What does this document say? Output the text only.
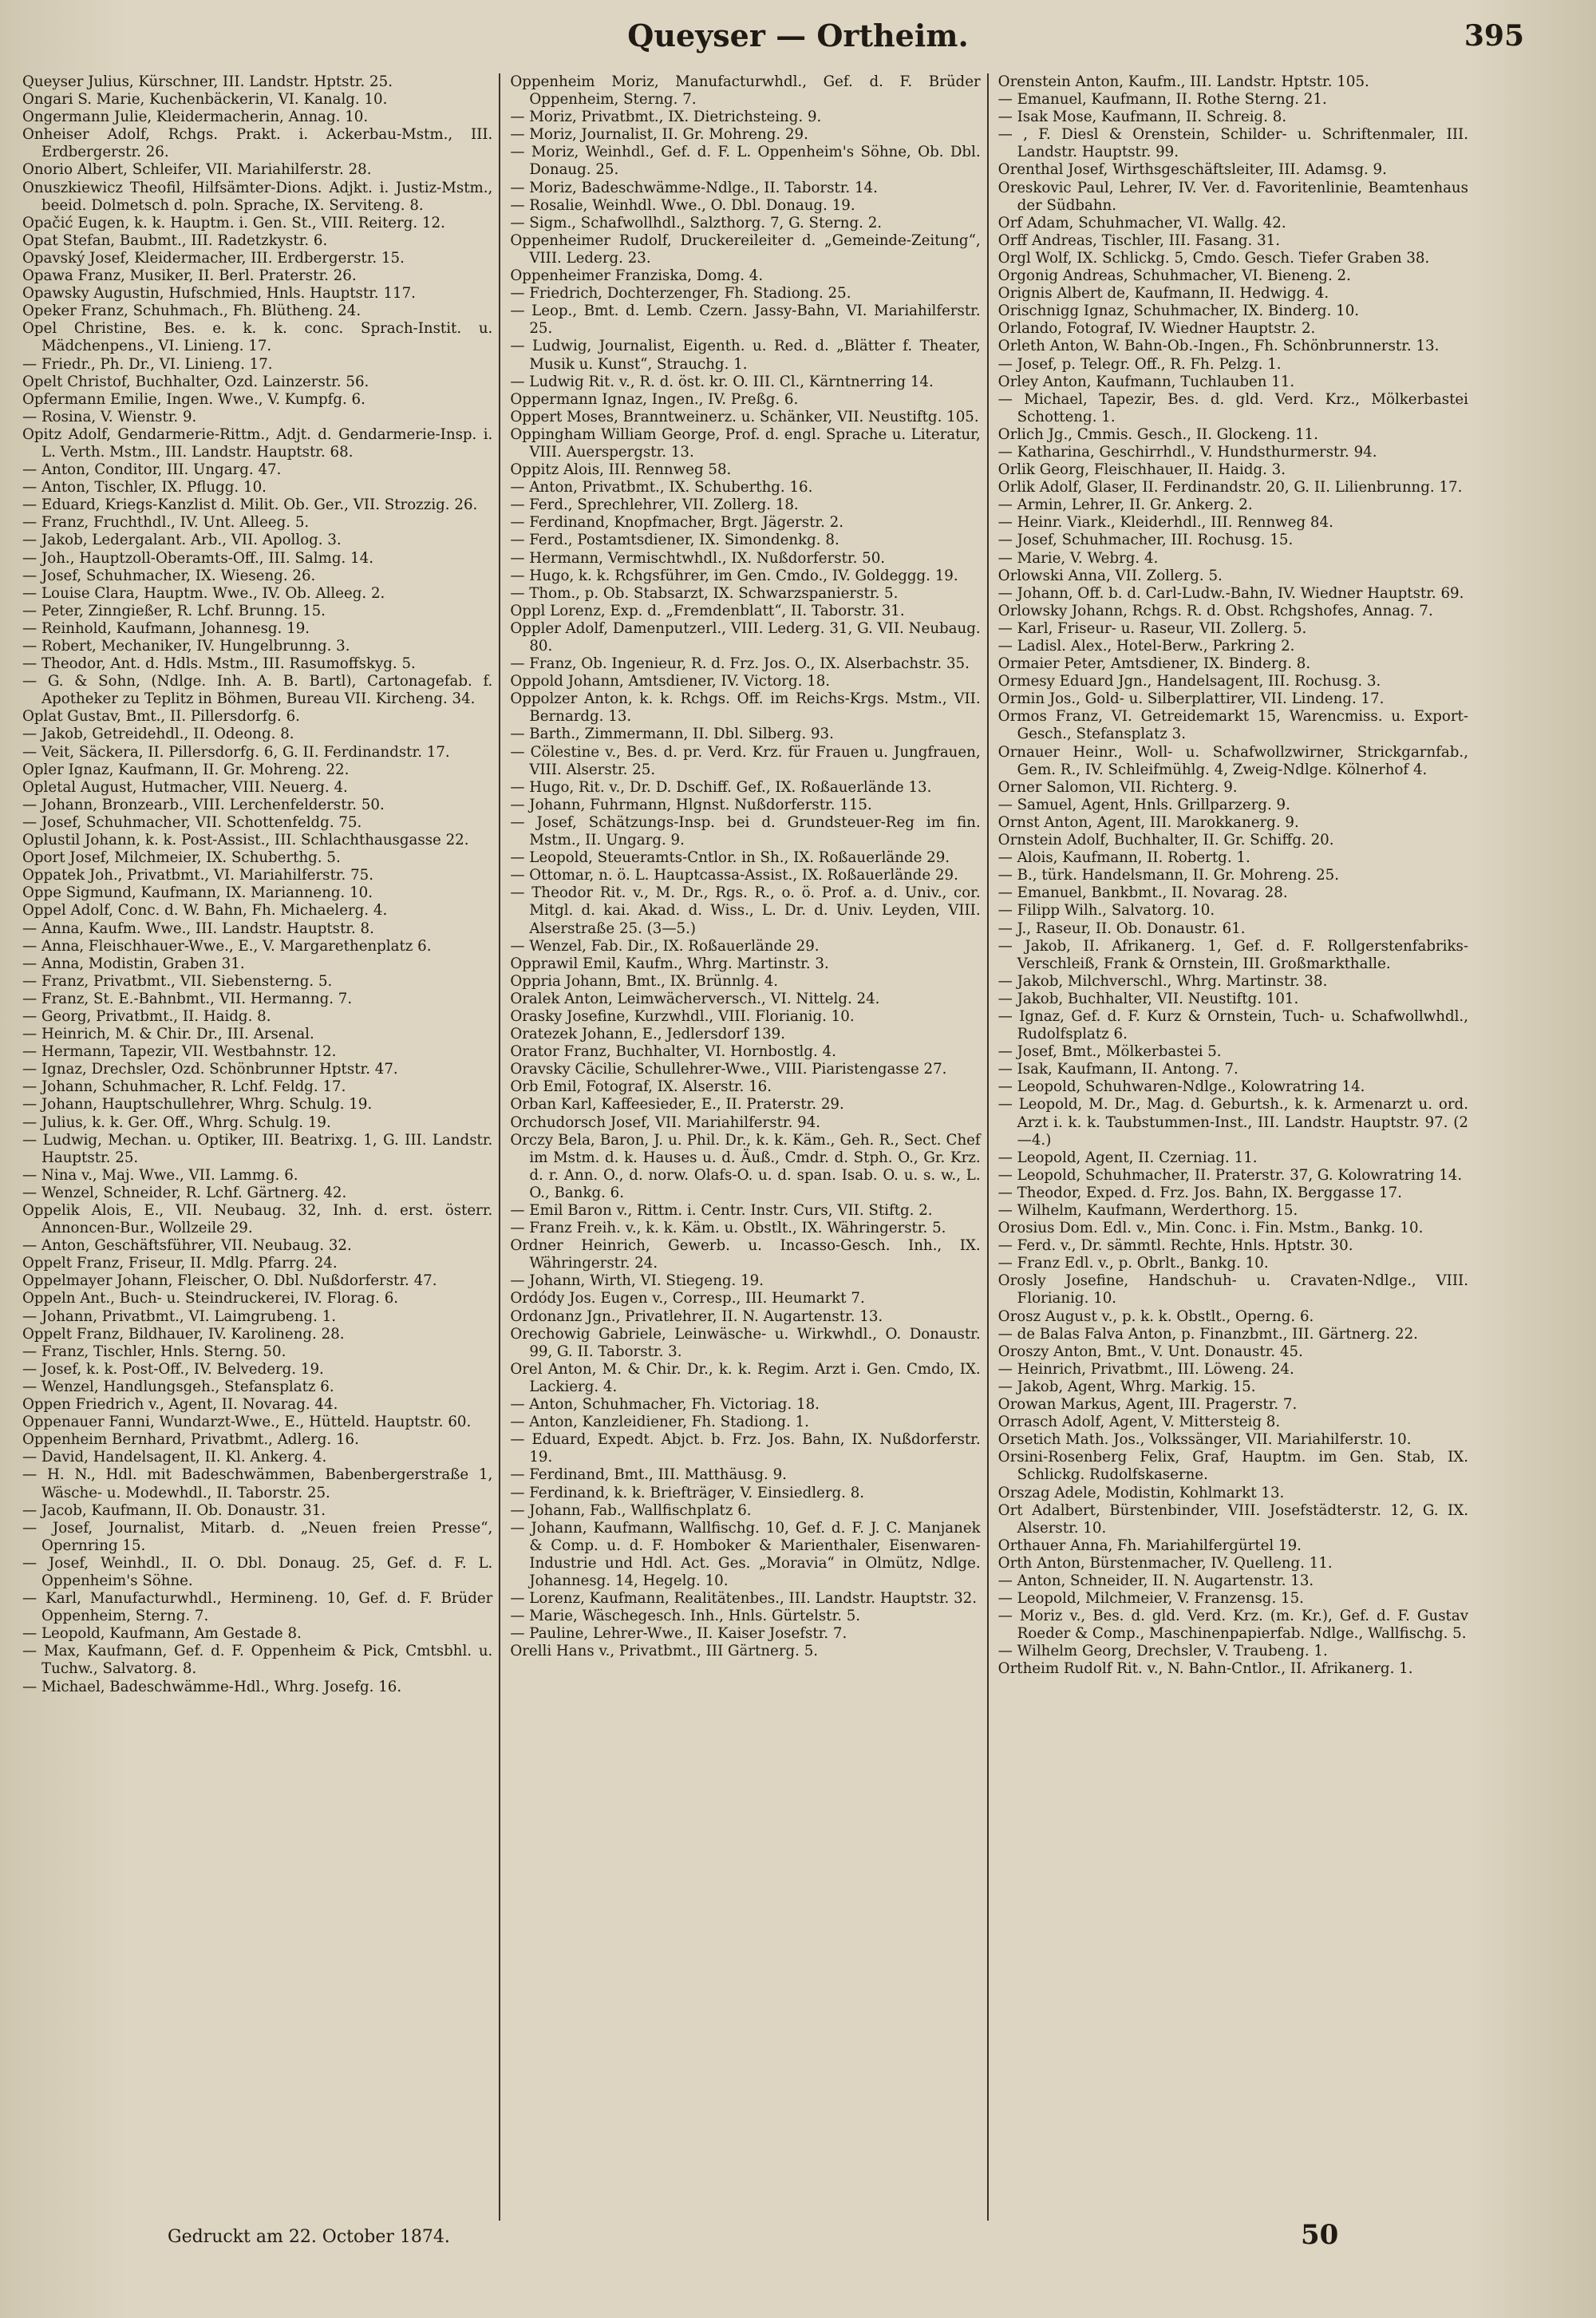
Queyser — Ortheim.	395

Queyser Julius, Kürschner, III. Landstr. Hptstr. 25.

Ongari S. Marie, Kuchenbäckerin, VI. Kanalg. 10.

Ongermann Julie, Kleidermacherin, Annag. 10.

Onheiser Adolf, Rchgs. Prakt. i. Ackerbau-Mstm., III. Erdbergerstr. 26.

Onorio Albert, Schleifer, VII. Mariahilferstr. 28.

Onuszkiewicz Theofil, Hilfsämter-Dions. Adjkt. i. Justiz-Mstm., beeid. Dolmetsch d. poln. Sprache, IX. Serviteng. 8.

Opačić Eugen, k. k. Hauptm. i. Gen. St., VIII. Reiterg. 12.

Opat Stefan, Baubmt., III. Radetzkystr. 6.

Opavský Josef, Kleidermacher, III. Erdbergerstr. 15.

Opawa Franz, Musiker, II. Berl. Praterstr. 26.

Opawsky Augustin, Hufschmied, Hnls. Hauptstr. 117.

Opeker Franz, Schuhmach., Fh. Blütheng. 24.

Opel Christine, Bes. e. k. k. conc. Sprach-Instit. u. Mädchenpens., VI. Linieng. 17.

— Friedr., Ph. Dr., VI. Linieng. 17.

Opelt Christof, Buchhalter, Ozd. Lainzerstr. 56.

Opfermann Emilie, Ingen. Wwe., V. Kumpfg. 6.

— Rosina, V. Wienstr. 9.

Opitz Adolf, Gendarmerie-Rittm., Adjt. d. Gendarmerie-Insp. i. L. Verth. Mstm., III. Landstr. Hauptstr. 68.

— Anton, Conditor, III. Ungarg. 47.

— Anton, Tischler, IX. Pflugg. 10.

— Eduard, Kriegs-Kanzlist d. Milit. Ob. Ger., VII. Strozzig. 26.

— Franz, Fruchthdl., IV. Unt. Alleeg. 5.

— Jakob, Ledergalant. Arb., VII. Apollog. 3.

— Joh., Hauptzoll-Oberamts-Off., III. Salmg. 14.

— Josef, Schuhmacher, IX. Wieseng. 26.

— Louise Clara, Hauptm. Wwe., IV. Ob. Alleeg. 2.

— Peter, Zinngießer, R. Lchf. Brunng. 15.

— Reinhold, Kaufmann, Johannesg. 19.

— Robert, Mechaniker, IV. Hungelbrunng. 3.

— Theodor, Ant. d. Hdls. Mstm., III. Rasumoffskyg. 5.

— G. & Sohn, (Ndlge. Inh. A. B. Bartl), Cartonagefab. f. Apotheker zu Teplitz in Böhmen, Bureau VII. Kircheng. 34.

Oplat Gustav, Bmt., II. Pillersdorfg. 6.

— Jakob, Getreidehdl., II. Odeong. 8.

— Veit, Säckera, II. Pillersdorfg. 6, G. II. Ferdinandstr. 17.

Opler Ignaz, Kaufmann, II. Gr. Mohreng. 22.

Opletal August, Hutmacher, VIII. Neuerg. 4.

— Johann, Bronzearb., VIII. Lerchenfelderstr. 50.

— Josef, Schuhmacher, VII. Schottenfeldg. 75.

Oplustil Johann, k. k. Post-Assist., III. Schlachthausgasse 22.

Oport Josef, Milchmeier, IX. Schuberthg. 5.

Oppatek Joh., Privatbmt., VI. Mariahilferstr. 75.

Oppe Sigmund, Kaufmann, IX. Marianneng. 10.

Oppel Adolf, Conc. d. W. Bahn, Fh. Michaelerg. 4.

— Anna, Kaufm. Wwe., III. Landstr. Hauptstr. 8.

— Anna, Fleischhauer-Wwe., E., V. Margarethenplatz 6.

— Anna, Modistin, Graben 31.

— Franz, Privatbmt., VII. Siebensterng. 5.

— Franz, St. E.-Bahnbmt., VII. Hermanng. 7.

— Georg, Privatbmt., II. Haidg. 8.

— Heinrich, M. & Chir. Dr., III. Arsenal.

— Hermann, Tapezir, VII. Westbahnstr. 12.

— Ignaz, Drechsler, Ozd. Schönbrunner Hptstr. 47.

— Johann, Schuhmacher, R. Lchf. Feldg. 17.

— Johann, Hauptschullehrer, Whrg. Schulg. 19.

— Julius, k. k. Ger. Off., Whrg. Schulg. 19.

— Ludwig, Mechan. u. Optiker, III. Beatrixg. 1, G. III. Landstr. Hauptstr. 25.

— Nina v., Maj. Wwe., VII. Lammg. 6.

— Wenzel, Schneider, R. Lchf. Gärtnerg. 42.

Oppelik Alois, E., VII. Neubaug. 32, Inh. d. erst. österr. Annoncen-Bur., Wollzeile 29.

— Anton, Geschäftsführer, VII. Neubaug. 32.

Oppelt Franz, Friseur, II. Mdlg. Pfarrg. 24.

Oppelmayer Johann, Fleischer, O. Dbl. Nußdorferstr. 47.

Oppeln Ant., Buch- u. Steindruckerei, IV. Florag. 6.

— Johann, Privatbmt., VI. Laimgrubeng. 1.

Oppelt Franz, Bildhauer, IV. Karolineng. 28.

— Franz, Tischler, Hnls. Sterng. 50.

— Josef, k. k. Post-Off., IV. Belvederg. 19.

— Wenzel, Handlungsgeh., Stefansplatz 6.

Oppen Friedrich v., Agent, II. Novarag. 44.

Oppenauer Fanni, Wundarzt-Wwe., E., Hütteld. Hauptstr. 60.

Oppenheim Bernhard, Privatbmt., Adlerg. 16.

— David, Handelsagent, II. Kl. Ankerg. 4.

— H. N., Hdl. mit Badeschwämmen, Babenbergerstraße 1, Wäsche- u. Modewhdl., II. Taborstr. 25.

— Jacob, Kaufmann, II. Ob. Donaustr. 31.

— Josef, Journalist, Mitarb. d. „Neuen freien Presse“, Opernring 15.

— Josef, Weinhdl., II. O. Dbl. Donaug. 25, Gef. d. F. L. Oppenheim's Söhne.

— Karl, Manufacturwhdl., Hermineng. 10, Gef. d. F. Brüder Oppenheim, Sterng. 7.

— Leopold, Kaufmann, Am Gestade 8.

— Max, Kaufmann, Gef. d. F. Oppenheim & Pick, Cmtsbhl. u. Tuchw., Salvatorg. 8.

— Michael, Badeschwämme-Hdl., Whrg. Josefg. 16.

Oppenheim Moriz, Manufacturwhdl., Gef. d. F. Brüder Oppenheim, Sterng. 7.

— Moriz, Privatbmt., IX. Dietrichsteing. 9.

— Moriz, Journalist, II. Gr. Mohreng. 29.

— Moriz, Weinhdl., Gef. d. F. L. Oppenheim's Söhne, Ob. Dbl. Donaug. 25.

— Moriz, Badeschwämme-Ndlge., II. Taborstr. 14.

— Rosalie, Weinhdl. Wwe., O. Dbl. Donaug. 19.

— Sigm., Schafwollhdl., Salzthorg. 7, G. Sterng. 2.

Oppenheimer Rudolf, Druckereileiter d. „Gemeinde-Zeitung“, VIII. Lederg. 23.

Oppenheimer Franziska, Domg. 4.

— Friedrich, Dochterzenger, Fh. Stadiong. 25.

— Leop., Bmt. d. Lemb. Czern. Jassy-Bahn, VI. Mariahilferstr. 25.

— Ludwig, Journalist, Eigenth. u. Red. d. „Blätter f. Theater, Musik u. Kunst“, Strauchg. 1.

— Ludwig Rit. v., R. d. öst. kr. O. III. Cl., Kärntnerring 14.

Oppermann Ignaz, Ingen., IV. Preßg. 6.

Oppert Moses, Branntweinerz. u. Schänker, VII. Neustiftg. 105.

Oppingham William George, Prof. d. engl. Sprache u. Literatur, VIII. Auerspergstr. 13.

Oppitz Alois, III. Rennweg 58.

— Anton, Privatbmt., IX. Schuberthg. 16.

— Ferd., Sprechlehrer, VII. Zollerg. 18.

— Ferdinand, Knopfmacher, Brgt. Jägerstr. 2.

— Ferd., Postamtsdiener, IX. Simondenkg. 8.

— Hermann, Vermischtwhdl., IX. Nußdorferstr. 50.

— Hugo, k. k. Rchgsführer, im Gen. Cmdo., IV. Goldeggg. 19.

— Thom., p. Ob. Stabsarzt, IX. Schwarzspanierstr. 5.

Oppl Lorenz, Exp. d. „Fremdenblatt“, II. Taborstr. 31.

Oppler Adolf, Damenputzerl., VIII. Lederg. 31, G. VII. Neubaug. 80.

— Franz, Ob. Ingenieur, R. d. Frz. Jos. O., IX. Alserbachstr. 35.

Oppold Johann, Amtsdiener, IV. Victorg. 18.

Oppolzer Anton, k. k. Rchgs. Off. im Reichs-Krgs. Mstm., VII. Bernardg. 13.

— Barth., Zimmermann, II. Dbl. Silberg. 93.

— Cölestine v., Bes. d. pr. Verd. Krz. für Frauen u. Jungfrauen, VIII. Alserstr. 25.

— Hugo, Rit. v., Dr. D. Dschiff. Gef., IX. Roßauerlände 13.

— Johann, Fuhrmann, Hlgnst. Nußdorferstr. 115.

— Josef, Schätzungs-Insp. bei d. Grundsteuer-Reg im fin. Mstm., II. Ungarg. 9.

— Leopold, Steueramts-Cntlor. in Sh., IX. Roßauerlände 29.

— Ottomar, n. ö. L. Hauptcassa-Assist., IX. Roßauerlände 29.

— Theodor Rit. v., M. Dr., Rgs. R., o. ö. Prof. a. d. Univ., cor. Mitgl. d. kai. Akad. d. Wiss., L. Dr. d. Univ. Leyden, VIII. Alserstraße 25. (3—5.)

— Wenzel, Fab. Dir., IX. Roßauerlände 29.

Opprawil Emil, Kaufm., Whrg. Martinstr. 3.

Oppria Johann, Bmt., IX. Brünnlg. 4.

Oralek Anton, Leimwächerversch., VI. Nittelg. 24.

Orasky Josefine, Kurzwhdl., VIII. Florianig. 10.

Oratezek Johann, E., Jedlersdorf 139.

Orator Franz, Buchhalter, VI. Hornbostlg. 4.

Oravsky Cäcilie, Schullehrer-Wwe., VIII. Piaristengasse 27.

Orb Emil, Fotograf, IX. Alserstr. 16.

Orban Karl, Kaffeesieder, E., II. Praterstr. 29.

Orchudorsch Josef, VII. Mariahilferstr. 94.

Orczy Bela, Baron, J. u. Phil. Dr., k. k. Käm., Geh. R., Sect. Chef im Mstm. d. k. Hauses u. d. Äuß., Cmdr. d. Stph. O., Gr. Krz. d. r. Ann. O., d. norw. Olafs-O. u. d. span. Isab. O. u. s. w., L. O., Bankg. 6.

— Emil Baron v., Rittm. i. Centr. Instr. Curs, VII. Stiftg. 2.

— Franz Freih. v., k. k. Käm. u. Obstlt., IX. Währingerstr. 5.

Ordner Heinrich, Gewerb. u. Incasso-Gesch. Inh., IX. Währingerstr. 24.

— Johann, Wirth, VI. Stiegeng. 19.

Ordódy Jos. Eugen v., Corresp., III. Heumarkt 7.

Ordonanz Jgn., Privatlehrer, II. N. Augartenstr. 13.

Orechowig Gabriele, Leinwäsche- u. Wirkwhdl., O. Donaustr. 99, G. II. Taborstr. 3.

Orel Anton, M. & Chir. Dr., k. k. Regim. Arzt i. Gen. Cmdo, IX. Lackierg. 4.

— Anton, Schuhmacher, Fh. Victoriag. 18.

— Anton, Kanzleidiener, Fh. Stadiong. 1.

— Eduard, Expedt. Abjct. b. Frz. Jos. Bahn, IX. Nußdorferstr. 19.

— Ferdinand, Bmt., III. Matthäusg. 9.

— Ferdinand, k. k. Briefträger, V. Einsiedlerg. 8.

— Johann, Fab., Wallfischplatz 6.

— Johann, Kaufmann, Wallfischg. 10, Gef. d. F. J. C. Manjanek & Comp. u. d. F. Homboker & Marienthaler, Eisenwaren-Industrie und Hdl. Act. Ges. „Moravia“ in Olmütz, Ndlge. Johannesg. 14, Hegelg. 10.

— Lorenz, Kaufmann, Realitätenbes., III. Landstr. Hauptstr. 32.

— Marie, Wäschegesch. Inh., Hnls. Gürtelstr. 5.

— Pauline, Lehrer-Wwe., II. Kaiser Josefstr. 7.

Orelli Hans v., Privatbmt., III Gärtnerg. 5.

Orenstein Anton, Kaufm., III. Landstr. Hptstr. 105.

— Emanuel, Kaufmann, II. Rothe Sterng. 21.

— Isak Mose, Kaufmann, II. Schreig. 8.

— , F. Diesl & Orenstein, Schilder- u. Schriftenmaler, III. Landstr. Hauptstr. 99.

Orenthal Josef, Wirthsgeschäftsleiter, III. Adamsg. 9.

Oreskovic Paul, Lehrer, IV. Ver. d. Favoritenlinie, Beamtenhaus der Südbahn.

Orf Adam, Schuhmacher, VI. Wallg. 42.

Orff Andreas, Tischler, III. Fasang. 31.

Orgl Wolf, IX. Schlickg. 5, Cmdo. Gesch. Tiefer Graben 38.

Orgonig Andreas, Schuhmacher, VI. Bieneng. 2.

Orignis Albert de, Kaufmann, II. Hedwigg. 4.

Orischnigg Ignaz, Schuhmacher, IX. Binderg. 10.

Orlando, Fotograf, IV. Wiedner Hauptstr. 2.

Orleth Anton, W. Bahn-Ob.-Ingen., Fh. Schönbrunnerstr. 13.

— Josef, p. Telegr. Off., R. Fh. Pelzg. 1.

Orley Anton, Kaufmann, Tuchlauben 11.

— Michael, Tapezir, Bes. d. gld. Verd. Krz., Mölkerbastei Schotteng. 1.

Orlich Jg., Cmmis. Gesch., II. Glockeng. 11.

— Katharina, Geschirrhdl., V. Hundsthurmerstr. 94.

Orlik Georg, Fleischhauer, II. Haidg. 3.

Orlik Adolf, Glaser, II. Ferdinandstr. 20, G. II. Lilienbrunng. 17.

— Armin, Lehrer, II. Gr. Ankerg. 2.

— Heinr. Viark., Kleiderhdl., III. Rennweg 84.

— Josef, Schuhmacher, III. Rochusg. 15.

— Marie, V. Webrg. 4.

Orlowski Anna, VII. Zollerg. 5.

— Johann, Off. b. d. Carl-Ludw.-Bahn, IV. Wiedner Hauptstr. 69.

Orlowsky Johann, Rchgs. R. d. Obst. Rchgshofes, Annag. 7.

— Karl, Friseur- u. Raseur, VII. Zollerg. 5.

— Ladisl. Alex., Hotel-Berw., Parkring 2.

Ormaier Peter, Amtsdiener, IX. Binderg. 8.

Ormesy Eduard Jgn., Handelsagent, III. Rochusg. 3.

Ormin Jos., Gold- u. Silberplattirer, VII. Lindeng. 17.

Ormos Franz, VI. Getreidemarkt 15, Warencmiss. u. Export-Gesch., Stefansplatz 3.

Ornauer Heinr., Woll- u. Schafwollzwirner, Strickgarnfab., Gem. R., IV. Schleifmühlg. 4, Zweig-Ndlge. Kölnerhof 4.

Orner Salomon, VII. Richterg. 9.

— Samuel, Agent, Hnls. Grillparzerg. 9.

Ornst Anton, Agent, III. Marokkanerg. 9.

Ornstein Adolf, Buchhalter, II. Gr. Schiffg. 20.

— Alois, Kaufmann, II. Robertg. 1.

— B., türk. Handelsmann, II. Gr. Mohreng. 25.

— Emanuel, Bankbmt., II. Novarag. 28.

— Filipp Wilh., Salvatorg. 10.

— J., Raseur, II. Ob. Donaustr. 61.

— Jakob, II. Afrikanerg. 1, Gef. d. F. Rollgerstenfabriks-Verschleiß, Frank & Ornstein, III. Großmarkthalle.

— Jakob, Milchverschl., Whrg. Martinstr. 38.

— Jakob, Buchhalter, VII. Neustiftg. 101.

— Ignaz, Gef. d. F. Kurz & Ornstein, Tuch- u. Schafwollwhdl., Rudolfsplatz 6.

— Josef, Bmt., Mölkerbastei 5.

— Isak, Kaufmann, II. Antong. 7.

— Leopold, Schuhwaren-Ndlge., Kolowratring 14.

— Leopold, M. Dr., Mag. d. Geburtsh., k. k. Armenarzt u. ord. Arzt i. k. k. Taubstummen-Inst., III. Landstr. Hauptstr. 97. (2—4.)

— Leopold, Agent, II. Czerniag. 11.

— Leopold, Schuhmacher, II. Praterstr. 37, G. Kolowratring 14.

— Theodor, Exped. d. Frz. Jos. Bahn, IX. Berggasse 17.

— Wilhelm, Kaufmann, Werderthorg. 15.

Orosius Dom. Edl. v., Min. Conc. i. Fin. Mstm., Bankg. 10.

— Ferd. v., Dr. sämmtl. Rechte, Hnls. Hptstr. 30.

— Franz Edl. v., p. Obrlt., Bankg. 10.

Orosly Josefine, Handschuh- u. Cravaten-Ndlge., VIII. Florianig. 10.

Orosz August v., p. k. k. Obstlt., Operng. 6.

— de Balas Falva Anton, p. Finanzbmt., III. Gärtnerg. 22.

Oroszy Anton, Bmt., V. Unt. Donaustr. 45.

— Heinrich, Privatbmt., III. Löweng. 24.

— Jakob, Agent, Whrg. Markig. 15.

Orowan Markus, Agent, III. Pragerstr. 7.

Orrasch Adolf, Agent, V. Mittersteig 8.

Orsetich Math. Jos., Volkssänger, VII. Mariahilferstr. 10.

Orsini-Rosenberg Felix, Graf, Hauptm. im Gen. Stab, IX. Schlickg. Rudolfskaserne.

Orszag Adele, Modistin, Kohlmarkt 13.

Ort Adalbert, Bürstenbinder, VIII. Josefstädterstr. 12, G. IX. Alserstr. 10.

Orthauer Anna, Fh. Mariahilfergürtel 19.

Orth Anton, Bürstenmacher, IV. Quelleng. 11.

— Anton, Schneider, II. N. Augartenstr. 13.

— Leopold, Milchmeier, V. Franzensg. 15.

— Moriz v., Bes. d. gld. Verd. Krz. (m. Kr.), Gef. d. F. Gustav Roeder & Comp., Maschinenpapierfab. Ndlge., Wallfischg. 5.

— Wilhelm Georg, Drechsler, V. Traubeng. 1.

Ortheim Rudolf Rit. v., N. Bahn-Cntlor., II. Afrikanerg. 1.

Gedruckt am 22. October 1874.	50
